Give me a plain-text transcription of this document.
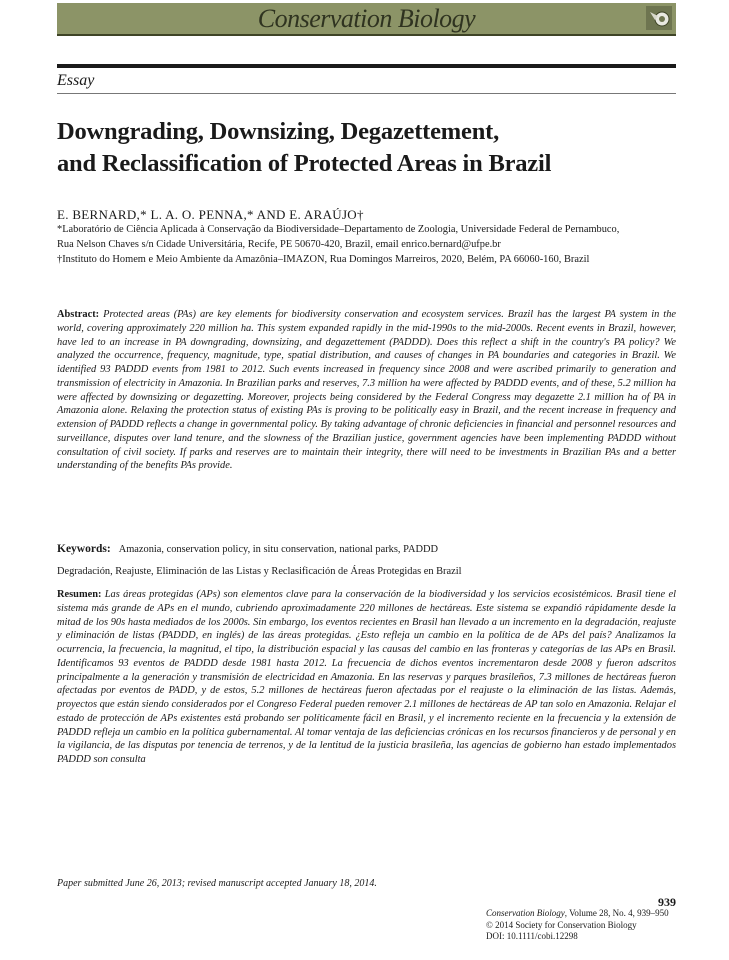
Conservation Biology
Essay
Downgrading, Downsizing, Degazettement,
and Reclassification of Protected Areas in Brazil
E. BERNARD,* L. A. O. PENNA,* AND E. ARAÚJO†
*Laboratório de Ciência Aplicada à Conservação da Biodiversidade–Departamento de Zoologia, Universidade Federal de Pernambuco,
Rua Nelson Chaves s/n Cidade Universitária, Recife, PE 50670-420, Brazil, email enrico.bernard@ufpe.br
†Instituto do Homem e Meio Ambiente da Amazônia–IMAZON, Rua Domingos Marreiros, 2020, Belém, PA 66060-160, Brazil
Abstract: Protected areas (PAs) are key elements for biodiversity conservation and ecosystem services. Brazil has the largest PA system in the world, covering approximately 220 million ha. This system expanded rapidly in the mid-1990s to the mid-2000s. Recent events in Brazil, however, have led to an increase in PA downgrading, downsizing, and degazettement (PADDD). Does this reflect a shift in the country's PA policy? We analyzed the occurrence, frequency, magnitude, type, spatial distribution, and causes of changes in PA boundaries and categories in Brazil. We identified 93 PADDD events from 1981 to 2012. Such events increased in frequency since 2008 and were ascribed primarily to generation and transmission of electricity in Amazonia. In Brazilian parks and reserves, 7.3 million ha were affected by PADDD events, and of these, 5.2 million ha were affected by downsizing or degazetting. Moreover, projects being considered by the Federal Congress may degazette 2.1 million ha of PA in Amazonia alone. Relaxing the protection status of existing PAs is proving to be politically easy in Brazil, and the recent increase in frequency and extension of PADDD reflects a change in governmental policy. By taking advantage of chronic deficiencies in financial and personnel resources and surveillance, disputes over land tenure, and the slowness of the Brazilian justice, government agencies have been implementing PADDD without consultation of civil society. If parks and reserves are to maintain their integrity, there will need to be investments in Brazilian PAs and a better understanding of the benefits PAs provide.
Keywords: Amazonia, conservation policy, in situ conservation, national parks, PADDD
Degradación, Reajuste, Eliminación de las Listas y Reclasificación de Áreas Protegidas en Brazil
Resumen: Las áreas protegidas (APs) son elementos clave para la conservación de la biodiversidad y los servicios ecosistémicos. Brasil tiene el sistema más grande de APs en el mundo, cubriendo aproximadamente 220 millones de hectáreas. Este sistema se expandió rápidamente desde la mitad de los 90s hasta mediados de los 2000s. Sin embargo, los eventos recientes en Brasil han llevado a un incremento en la degradación, reajuste y eliminación de listas (PADDD, en inglés) de las áreas protegidas. ¿Esto refleja un cambio en la política de de APs del país? Analizamos la ocurrencia, la frecuencia, la magnitud, el tipo, la distribución espacial y las causas del cambio en las fronteras y categorías de las APs en Brasil. Identificamos 93 eventos de PADDD desde 1981 hasta 2012. La frecuencia de dichos eventos incrementaron desde 2008 y fueron adscritos principalmente a la generación y transmisión de electricidad en Amazonia. En las reservas y parques brasileños, 7.3 millones de hectáreas fueron afectadas por eventos de PADD, y de estos, 5.2 millones de hectáreas fueron afectadas por el reajuste o la eliminación de las listas. Además, proyectos que están siendo considerados por el Congreso Federal pueden remover 2.1 millones de hectáreas de AP tan solo en Amazonia. Relajar el estado de protección de APs existentes está probando ser políticamente fácil en Brasil, y el incremento reciente en la frecuencia y la extensión de PADDD refleja un cambio en la política gubernamental. Al tomar ventaja de las deficiencias crónicas en los recursos financieros y de personal y en la vigilancia, de las disputas por tenencia de terrenos, y de la lentitud de la justicia brasileña, las agencias de gobierno han estado implementados PADDD son consulta
Paper submitted June 26, 2013; revised manuscript accepted January 18, 2014.
939
Conservation Biology, Volume 28, No. 4, 939–950
© 2014 Society for Conservation Biology
DOI: 10.1111/cobi.12298
